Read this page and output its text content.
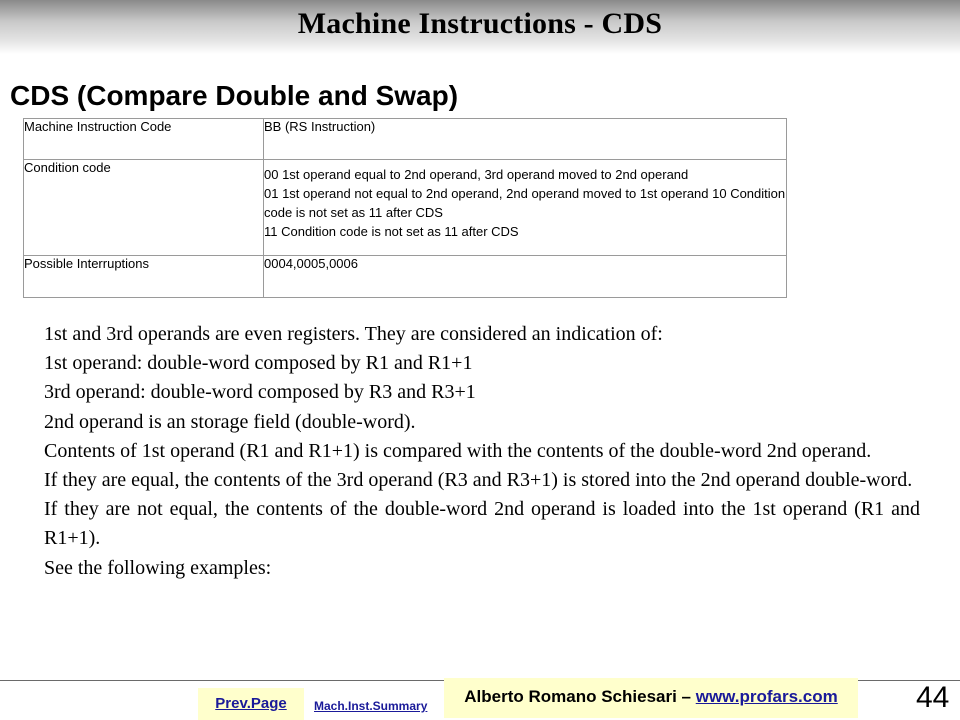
Machine Instructions - CDS
CDS (Compare Double and Swap)
Machine Instruction Code	BB (RS Instruction)
Condition code	00 1st operand equal to 2nd operand, 3rd operand moved to 2nd operand
01 1st operand not equal to 2nd operand, 2nd operand moved to 1st operand 10 Condition code is not set as 11 after CDS
11 Condition code is not set as 11 after CDS

Possible Interruptions	0004,0005,0006
1st and 3rd operands are even registers. They are considered an indication of:
1st operand: double-word composed by R1 and R1+1
3rd operand: double-word composed by R3 and R3+1
2nd operand is an storage field (double-word).
Contents of 1st operand (R1 and R1+1) is compared with the contents of the double-word 2nd operand.
If they are equal, the contents of the 3rd operand (R3 and R3+1) is stored into the 2nd operand double-word.
If they are not equal, the contents of the double-word 2nd operand is loaded into the 1st operand (R1 and R1+1).
See the following examples:
Prev.Page	Mach.Inst.Summary	Alberto Romano Schiesari – www.profars.com	44
